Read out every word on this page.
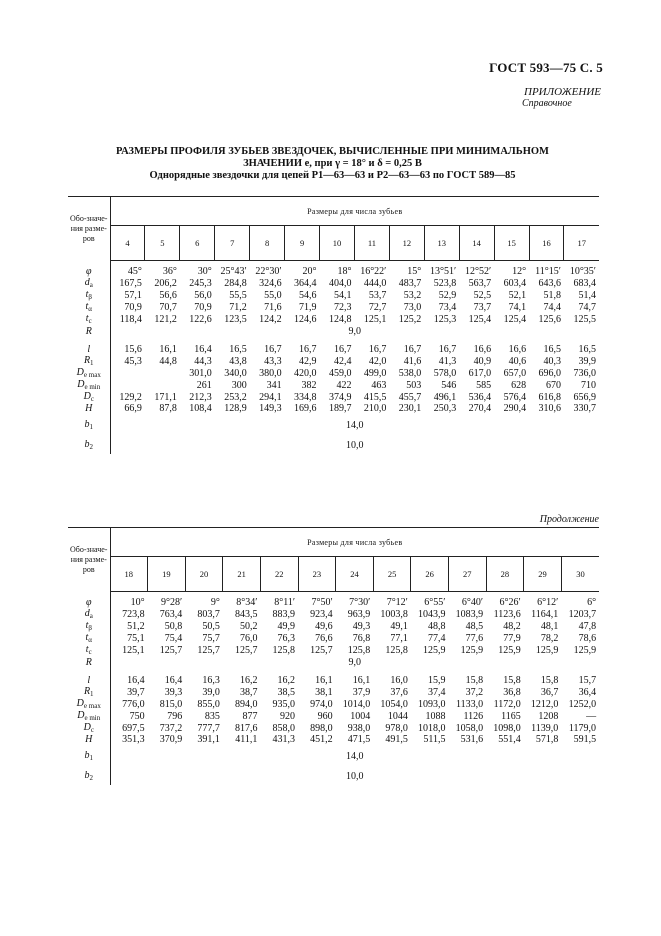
ГОСТ 593—75 С. 5
ПРИЛОЖЕНИЕ
Справочное
РАЗМЕРЫ ПРОФИЛЯ ЗУБЬЕВ ЗВЕЗДОЧЕК, ВЫЧИСЛЕННЫЕ ПРИ МИНИМАЛЬНОМ
ЗНАЧЕНИИ e, при γ = 18° и δ = 0,25 B
Однорядные звездочки для цепей Р1—63—63 и Р2—63—63 по ГОСТ 589—85
Обо-значе-ния разме-ров	Размеры для числа зубьев													
	4	5	6	7	8	9	10	11	12	13	14	15	16	17

φ	45°	36°	30°	25°43′	22°30′	20°	18°	16°22′	15°	13°51′	12°52′	12°	11°15′	10°35′
$d_a$	167,5	206,2	245,3	284,8	324,6	364,4	404,0	444,0	483,7	523,8	563,7	603,4	643,6	683,4
$t_\beta$	57,1	56,6	56,0	55,5	55,0	54,6	54,1	53,7	53,2	52,9	52,5	52,1	51,8	51,4
$t_\alpha$	70,9	70,7	70,9	71,2	71,6	71,9	72,3	72,7	73,0	73,4	73,7	74,1	74,4	74,7
$t_c$	118,4	121,2	122,6	123,5	124,2	124,6	124,8	125,1	125,2	125,3	125,4	125,4	125,6	125,5
R	9,0													

l	15,6	16,1	16,4	16,5	16,7	16,7	16,7	16,7	16,7	16,7	16,6	16,6	16,5	16,5
$R_1$	45,3	44,8	44,3	43,8	43,3	42,9	42,4	42,0	41,6	41,3	40,9	40,6	40,3	39,9
$D_{e max}$			301,0	340,0	380,0	420,0	459,0	499,0	538,0	578,0	617,0	657,0	696,0	736,0
$D_{e min}$			261	300	341	382	422	463	503	546	585	628	670	710
$D_c$	129,2	171,1	212,3	253,2	294,1	334,8	374,9	415,5	455,7	496,1	536,4	576,4	616,8	656,9
H	66,9	87,8	108,4	128,9	149,3	169,6	189,7	210,0	230,1	250,3	270,4	290,4	310,6	330,7
$b_1$	14,0													
$b_2$	10,0													
Продолжение
Обо-значе-ния разме-ров	Размеры для числа зубьев												
	18	19	20	21	22	23	24	25	26	27	28	29	30

φ	10°	9°28′	9°	8°34′	8°11′	7°50′	7°30′	7°12′	6°55′	6°40′	6°26′	6°12′	6°
$d_a$	723,8	763,4	803,7	843,5	883,9	923,4	963,9	1003,8	1043,9	1083,9	1123,6	1164,1	1203,7
$t_\beta$	51,2	50,8	50,5	50,2	49,9	49,6	49,3	49,1	48,8	48,5	48,2	48,1	47,8
$t_\alpha$	75,1	75,4	75,7	76,0	76,3	76,6	76,8	77,1	77,4	77,6	77,9	78,2	78,6
$t_c$	125,1	125,7	125,7	125,7	125,8	125,7	125,8	125,8	125,9	125,9	125,9	125,9	125,9
R	9,0												

l	16,4	16,4	16,3	16,2	16,2	16,1	16,1	16,0	15,9	15,8	15,8	15,8	15,7
$R_1$	39,7	39,3	39,0	38,7	38,5	38,1	37,9	37,6	37,4	37,2	36,8	36,7	36,4
$D_{e max}$	776,0	815,0	855,0	894,0	935,0	974,0	1014,0	1054,0	1093,0	1133,0	1172,0	1212,0	1252,0
$D_{e min}$	750	796	835	877	920	960	1004	1044	1088	1126	1165	1208	—
$D_c$	697,5	737,2	777,7	817,6	858,0	898,0	938,0	978,0	1018,0	1058,0	1098,0	1139,0	1179,0
H	351,3	370,9	391,1	411,1	431,3	451,2	471,5	491,5	511,5	531,6	551,4	571,8	591,5
$b_1$	14,0												
$b_2$	10,0												
